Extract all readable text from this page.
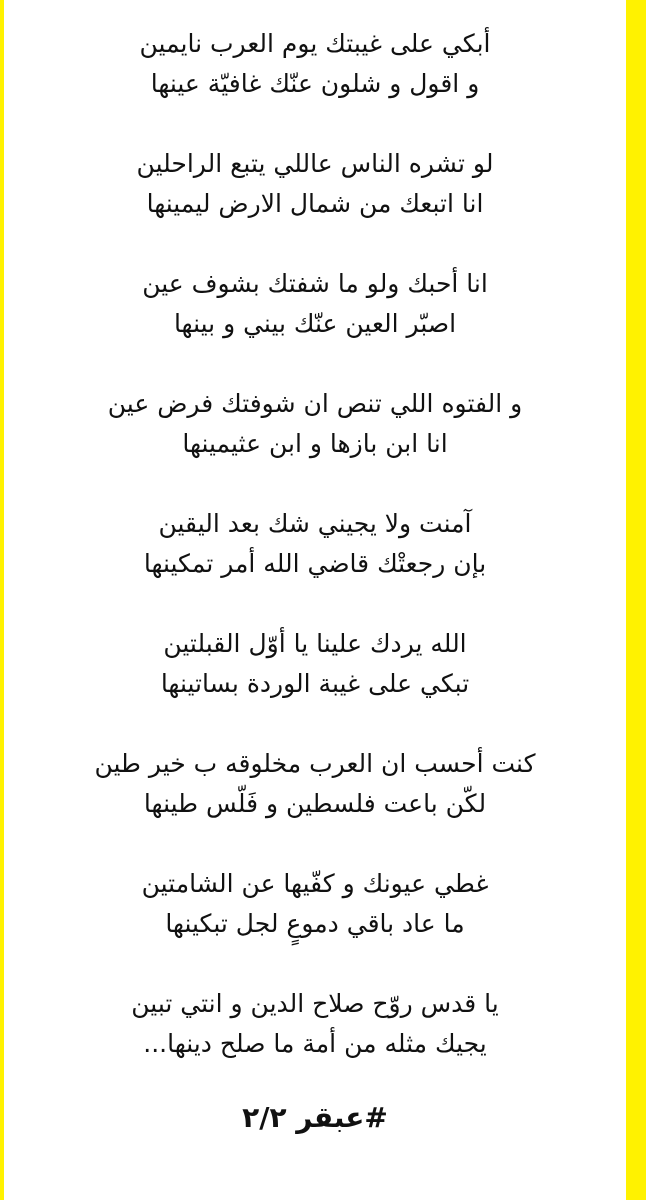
أبكي على غيبتك يوم العرب نايمين
و اقول و شلون عنّك غافيّة عينها
لو تشره الناس عاللي يتبع الراحلين
انا اتبعك من شمال الارض ليمينها
انا أحبك ولو ما شفتك بشوف عين
اصبّر العين عنّك بيني و بينها
و الفتوه اللي تنص ان شوفتك فرض عين
انا ابن بازها و ابن عثيمينها
آمنت ولا يجيني شك بعد اليقين
بإن رجعتْك قاضي الله أمر تمكينها
الله يردك علينا يا أوّل القبلتين
تبكي على غيبة الوردة بساتينها
كنت أحسب ان العرب مخلوقه ب خير طين
لكّن باعت فلسطين و فَلّس طينها
غطي عيونك و كفّيها عن الشامتين
ما عاد باقي دموعٍ لجل تبكينها
يا قدس روّح صلاح الدين و انتي تبين
يجيك مثله من أمة ما صلح دينها...
#عبقر ٢/٢
